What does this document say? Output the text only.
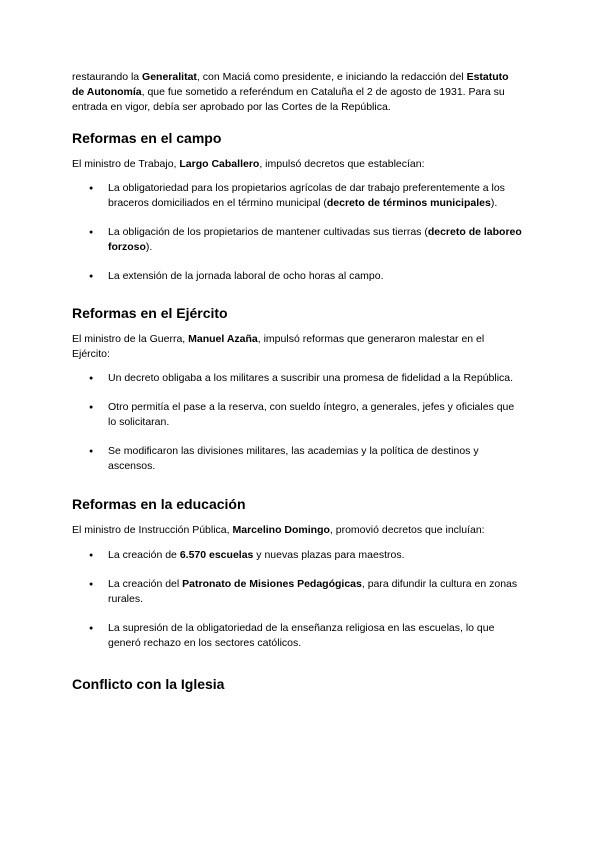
restaurando la Generalitat, con Maciá como presidente, e iniciando la redacción del Estatuto de Autonomía, que fue sometido a referéndum en Cataluña el 2 de agosto de 1931. Para su entrada en vigor, debía ser aprobado por las Cortes de la República.

Reformas en el campo

El ministro de Trabajo, Largo Caballero, impulsó decretos que establecían:

● La obligatoriedad para los propietarios agrícolas de dar trabajo preferentemente a los braceros domiciliados en el término municipal (decreto de términos municipales).
● La obligación de los propietarios de mantener cultivadas sus tierras (decreto de laboreo forzoso).
● La extensión de la jornada laboral de ocho horas al campo.
Reformas en el Ejército

El ministro de la Guerra, Manuel Azaña, impulsó reformas que generaron malestar en el Ejército:

● Un decreto obligaba a los militares a suscribir una promesa de fidelidad a la República.
● Otro permitía el pase a la reserva, con sueldo íntegro, a generales, jefes y oficiales que lo solicitaran.
● Se modificaron las divisiones militares, las academias y la política de destinos y ascensos.
Reformas en la educación

El ministro de Instrucción Pública, Marcelino Domingo, promovió decretos que incluían:

● La creación de 6.570 escuelas y nuevas plazas para maestros.
● La creación del Patronato de Misiones Pedagógicas, para difundir la cultura en zonas rurales.
● La supresión de la obligatoriedad de la enseñanza religiosa en las escuelas, lo que generó rechazo en los sectores católicos.
Conflicto con la Iglesia
